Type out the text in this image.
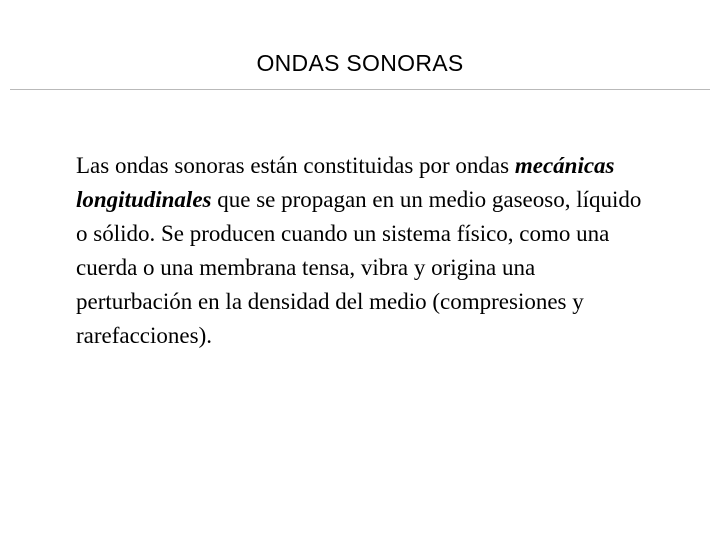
ONDAS SONORAS

Las ondas sonoras están constituidas por ondas mecánicas longitudinales que se propagan en un medio gaseoso, líquido o sólido. Se producen cuando un sistema físico, como una cuerda o una membrana tensa, vibra y origina una perturbación en la densidad del medio (compresiones y rarefacciones).
